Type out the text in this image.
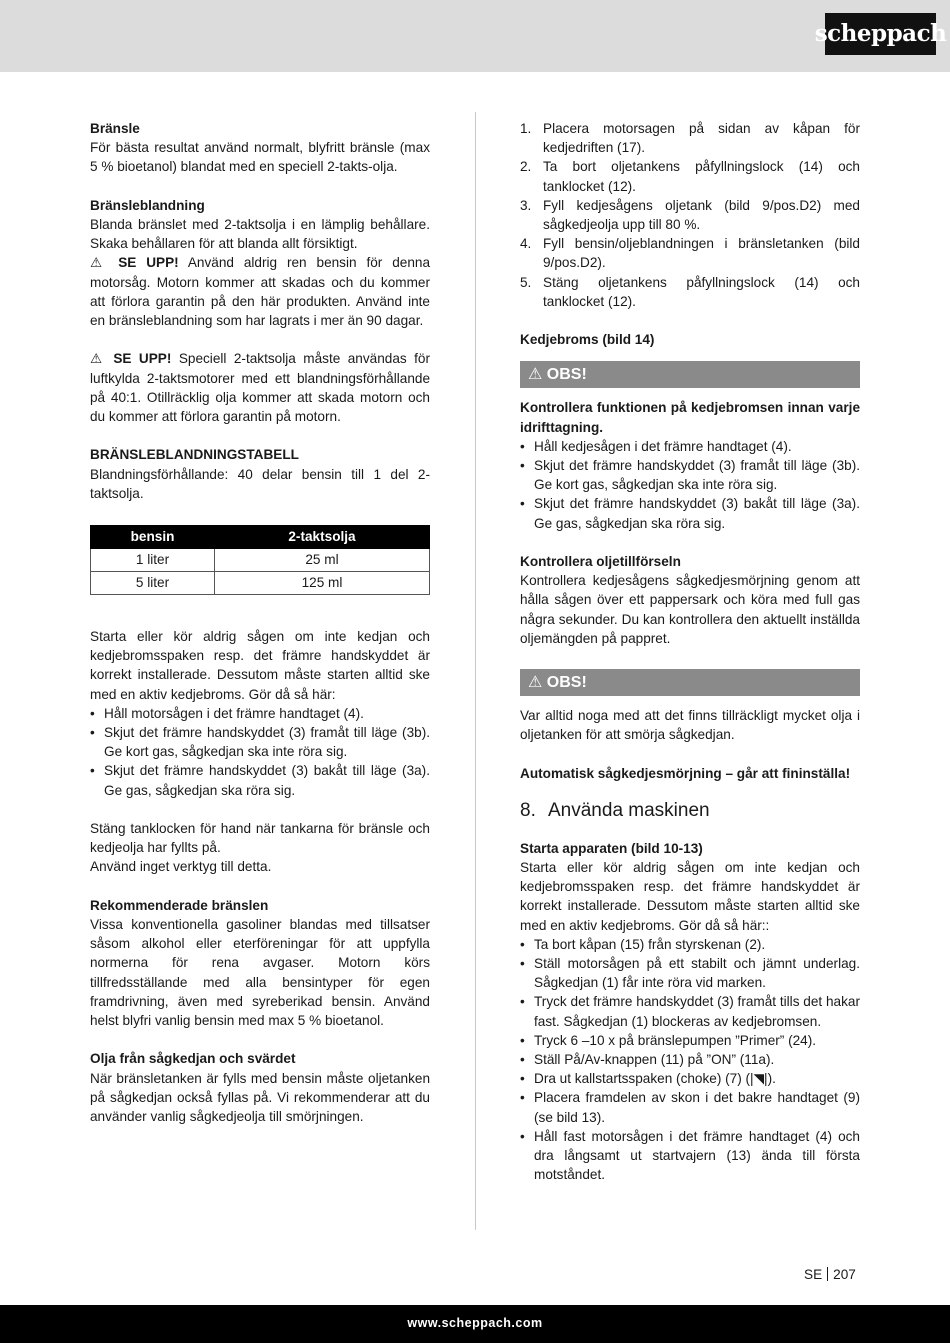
scheppach

Bränsle

För bästa resultat använd normalt, blyfritt bränsle (max 5 % bioetanol) blandat med en speciell 2-takts-olja.

Bränsleblandning

Blanda bränslet med 2-taktsolja i en lämplig behållare. Skaka behållaren för att blanda allt försiktigt.

⚠ SE UPP! Använd aldrig ren bensin för denna motorsåg. Motorn kommer att skadas och du kommer att förlora garantin på den här produkten. Använd inte en bränsleblandning som har lagrats i mer än 90 dagar.

⚠ SE UPP! Speciell 2-taktsolja måste användas för luftkylda 2-taktsmotorer med ett blandningsförhållande på 40:1. Otillräcklig olja kommer att skada motorn och du kommer att förlora garantin på motorn.

BRÄNSLEBLANDNINGSTABELL

Blandningsförhållande: 40 delar bensin till 1 del 2-taktsolja.

bensin	2-taktsolja
1 liter	25 ml
5 liter	125 ml

Starta eller kör aldrig sågen om inte kedjan och kedjebromsspaken resp. det främre handskyddet är korrekt installerade. Dessutom måste starten alltid ske med en aktiv kedjebroms. Gör då så här:

• Håll motorsågen i det främre handtaget (4).
• Skjut det främre handskyddet (3) framåt till läge (3b). Ge kort gas, sågkedjan ska inte röra sig.
• Skjut det främre handskyddet (3) bakåt till läge (3a). Ge gas, sågkedjan ska röra sig.

Stäng tanklocken för hand när tankarna för bränsle och kedjeolja har fyllts på.

Använd inget verktyg till detta.

Rekommenderade bränslen

Vissa konventionella gasoliner blandas med tillsatser såsom alkohol eller eterföreningar för att uppfylla normerna för rena avgaser. Motorn körs tillfredsställande med alla bensintyper för egen framdrivning, även med syreberikad bensin. Använd helst blyfri vanlig bensin med max 5 % bioetanol.

Olja från sågkedjan och svärdet

När bränsletanken är fylls med bensin måste oljetanken på sågkedjan också fyllas på. Vi rekommenderar att du använder vanlig sågkedjeolja till smörjningen.

1. Placera motorsagen på sidan av kåpan för kedjedriften (17).
2. Ta bort oljetankens påfyllningslock (14) och tanklocket (12).
3. Fyll kedjesågens oljetank (bild 9/pos.D2) med sågkedjeolja upp till 80 %.
4. Fyll bensin/oljeblandningen i bränsletanken (bild 9/pos.D2).
5. Stäng oljetankens påfyllningslock (14) och tanklocket (12).

Kedjebroms (bild 14)

⚠ OBS!

Kontrollera funktionen på kedjebromsen innan varje idrifttagning.

• Håll kedjesågen i det främre handtaget (4).
• Skjut det främre handskyddet (3) framåt till läge (3b). Ge kort gas, sågkedjan ska inte röra sig.
• Skjut det främre handskyddet (3) bakåt till läge (3a). Ge gas, sågkedjan ska röra sig.

Kontrollera oljetillförseln

Kontrollera kedjesågens sågkedjesmörjning genom att hålla sågen över ett pappersark och köra med full gas några sekunder. Du kan kontrollera den aktuellt inställda oljemängden på pappret.

⚠ OBS!

Var alltid noga med att det finns tillräckligt mycket olja i oljetanken för att smörja sågkedjan.

Automatisk sågkedjesmörjning – går att fininställa!

8. Använda maskinen

Starta apparaten (bild 10-13)

Starta eller kör aldrig sågen om inte kedjan och kedjebromsspaken resp. det främre handskyddet är korrekt installerade. Dessutom måste starten alltid ske med en aktiv kedjebroms. Gör då så här::

• Ta bort kåpan (15) från styrskenan (2).
• Ställ motorsågen på ett stabilt och jämnt underlag. Sågkedjan (1) får inte röra vid marken.
• Tryck det främre handskyddet (3) framåt tills det hakar fast. Sågkedjan (1) blockeras av kedjebromsen.
• Tryck 6 –10 x på bränslepumpen ”Primer” (24).
• Ställ På/Av-knappen (11) på ”ON” (11a).
• Dra ut kallstartsspaken (choke) (7) (|◥|).
• Placera framdelen av skon i det bakre handtaget (9) (se bild 13).
• Håll fast motorsågen i det främre handtaget (4) och dra långsamt ut startvajern (13) ända till första motståndet.
SE 207
www.scheppach.com
